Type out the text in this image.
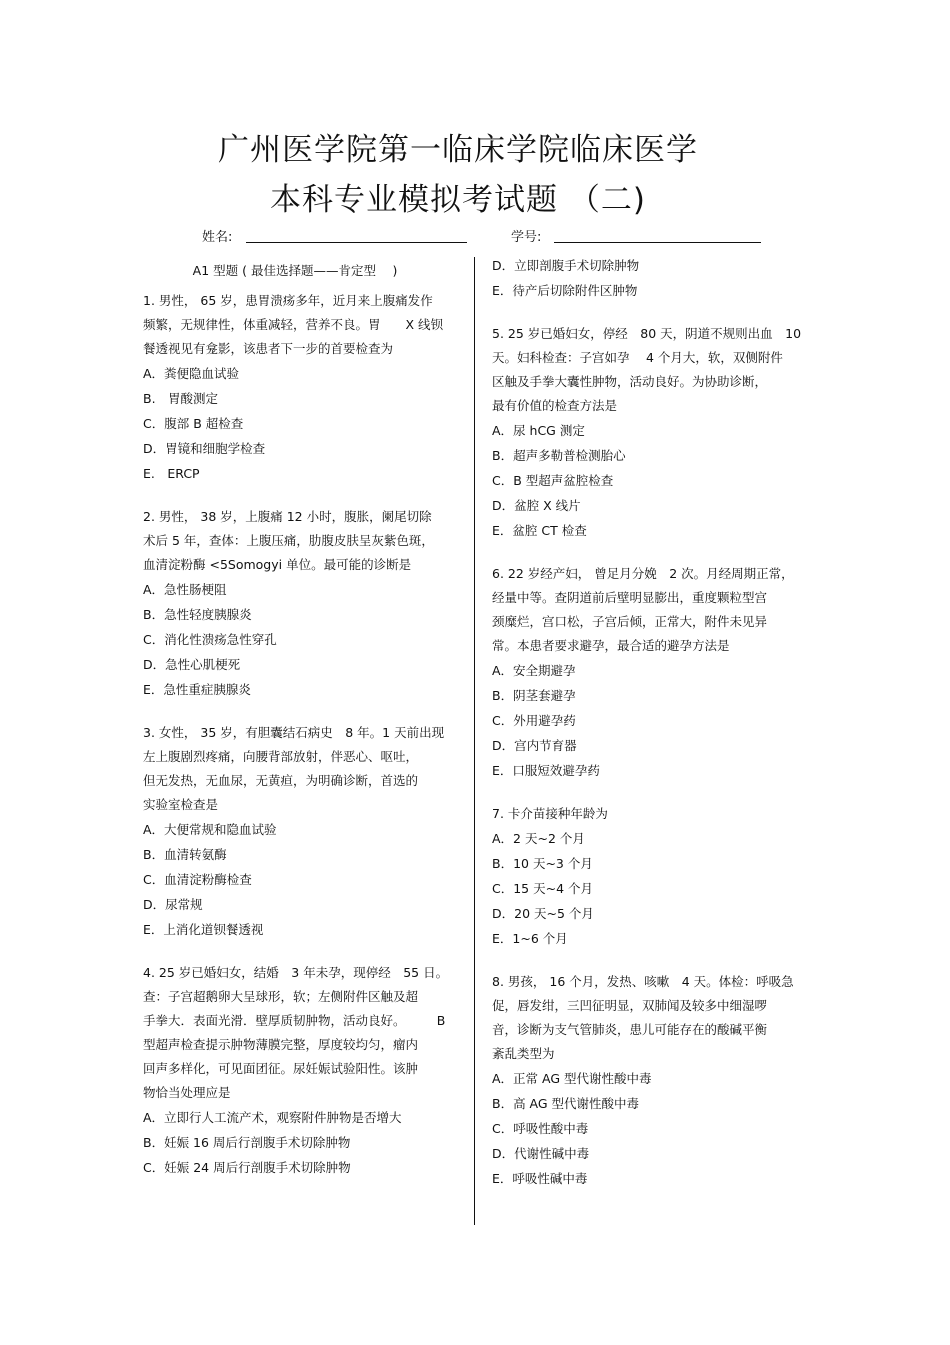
广州医学院第一临床学院临床医学
本科专业模拟考试题 （二)
姓名:	学号:
A1 型题 ( 最佳选择题——肯定型　 )
1. 男性， 65 岁，患胃溃疡多年，近月来上腹痛发作
频繁，无规律性，体重减轻，营养不良。胃　　X 线钡
餐透视见有龛影，该患者下一步的首要检查为
A．粪便隐血试验
B.　胃酸测定
C．腹部 B 超检查
D．胃镜和细胞学检查
E.　ERCP
2. 男性， 38 岁，上腹痛 12 小时，腹胀，阑尾切除
术后 5 年，查体：上腹压痛，肋腹皮肤呈灰紫色斑，
血清淀粉酶 <5Somogyi 单位。最可能的诊断是
A．急性肠梗阻
B．急性轻度胰腺炎
C．消化性溃疡急性穿孔
D．急性心肌梗死
E．急性重症胰腺炎
3. 女性， 35 岁，有胆囊结石病史　8 年。1 天前出现
左上腹剧烈疼痛，向腰背部放射，伴恶心、呕吐，
但无发热，无血尿，无黄疸，为明确诊断，首选的
实验室检查是
A．大便常规和隐血试验
B．血清转氨酶
C．血清淀粉酶检查
D．尿常规
E．上消化道钡餐透视
4. 25 岁已婚妇女，结婚　3 年未孕，现停经　55 日。
查：子宫超鹅卵大呈球形，软；左侧附件区触及超
手拳大．表面光滑．壁厚质韧肿物，活动良好。　　　B
型超声检查提示肿物薄膜完整，厚度较均匀，瘤内
回声多样化，可见面团征。尿妊娠试验阳性。该肿
物恰当处理应是
A．立即行人工流产术，观察附件肿物是否增大
B．妊娠 16 周后行剖腹手术切除肿物
C．妊娠 24 周后行剖腹手术切除肿物
D．立即剖腹手术切除肿物
E．待产后切除附件区肿物
5. 25 岁已婚妇女，停经　80 天，阴道不规则出血　10
天。妇科检查：子宫如孕　 4 个月大，软，双侧附件
区触及手拳大囊性肿物，活动良好。为协助诊断，
最有价值的检查方法是
A．尿 hCG 测定
B．超声多勒普检测胎心
C．B 型超声盆腔检查
D．盆腔 X 线片
E．盆腔 CT 检查
6. 22 岁经产妇， 曾足月分娩　2 次。月经周期正常，
经量中等。查阴道前后壁明显膨出，重度颗粒型宫
颈糜烂，宫口松，子宫后倾，正常大，附件未见异
常。本患者要求避孕，最合适的避孕方法是
A．安全期避孕
B．阴茎套避孕
C．外用避孕药
D．宫内节育器
E．口服短效避孕药
7. 卡介苗接种年龄为
A．2 天~2 个月
B．10 天~3 个月
C．15 天~4 个月
D．20 天~5 个月
E．1~6 个月
8. 男孩， 16 个月，发热、咳嗽　4 天。体检：呼吸急
促，唇发绀，三凹征明显，双肺闻及较多中细湿啰
音，诊断为支气管肺炎，患儿可能存在的酸碱平衡
紊乱类型为
A．正常 AG 型代谢性酸中毒
B．高 AG 型代谢性酸中毒
C．呼吸性酸中毒
D．代谢性碱中毒
E．呼吸性碱中毒
